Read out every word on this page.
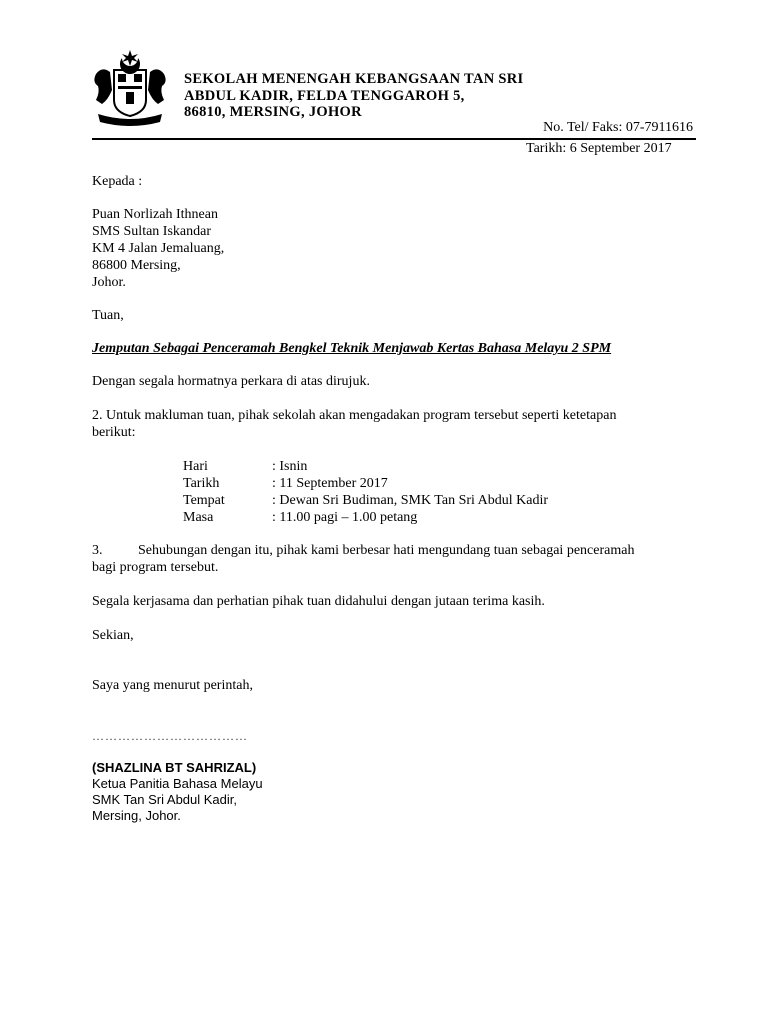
SEKOLAH MENENGAH KEBANGSAAN TAN SRI
ABDUL KADIR, FELDA TENGGAROH 5,
86810, MERSING, JOHOR
No. Tel/ Faks: 07-7911616
Tarikh: 6 September 2017
Kepada :
Puan Norlizah Ithnean
SMS Sultan Iskandar
KM 4 Jalan Jemaluang,
86800 Mersing,
Johor.
Tuan,
Jemputan Sebagai Penceramah Bengkel Teknik Menjawab Kertas Bahasa Melayu 2 SPM
Dengan segala hormatnya perkara di atas dirujuk.
2. Untuk makluman tuan, pihak sekolah akan mengadakan program tersebut seperti ketetapan
berikut:
Hari	: Isnin
Tarikh	: 11 September 2017
Tempat	: Dewan Sri Budiman, SMK Tan Sri Abdul Kadir
Masa	: 11.00 pagi – 1.00 petang
3.	Sehubungan dengan itu, pihak kami berbesar hati mengundang tuan sebagai penceramah
bagi program tersebut.
Segala kerjasama dan perhatian pihak tuan didahului dengan jutaan terima kasih.
Sekian,
Saya yang menurut perintah,
………………………………
(SHAZLINA BT SAHRIZAL)
Ketua Panitia Bahasa Melayu
SMK Tan Sri Abdul Kadir,
Mersing, Johor.
